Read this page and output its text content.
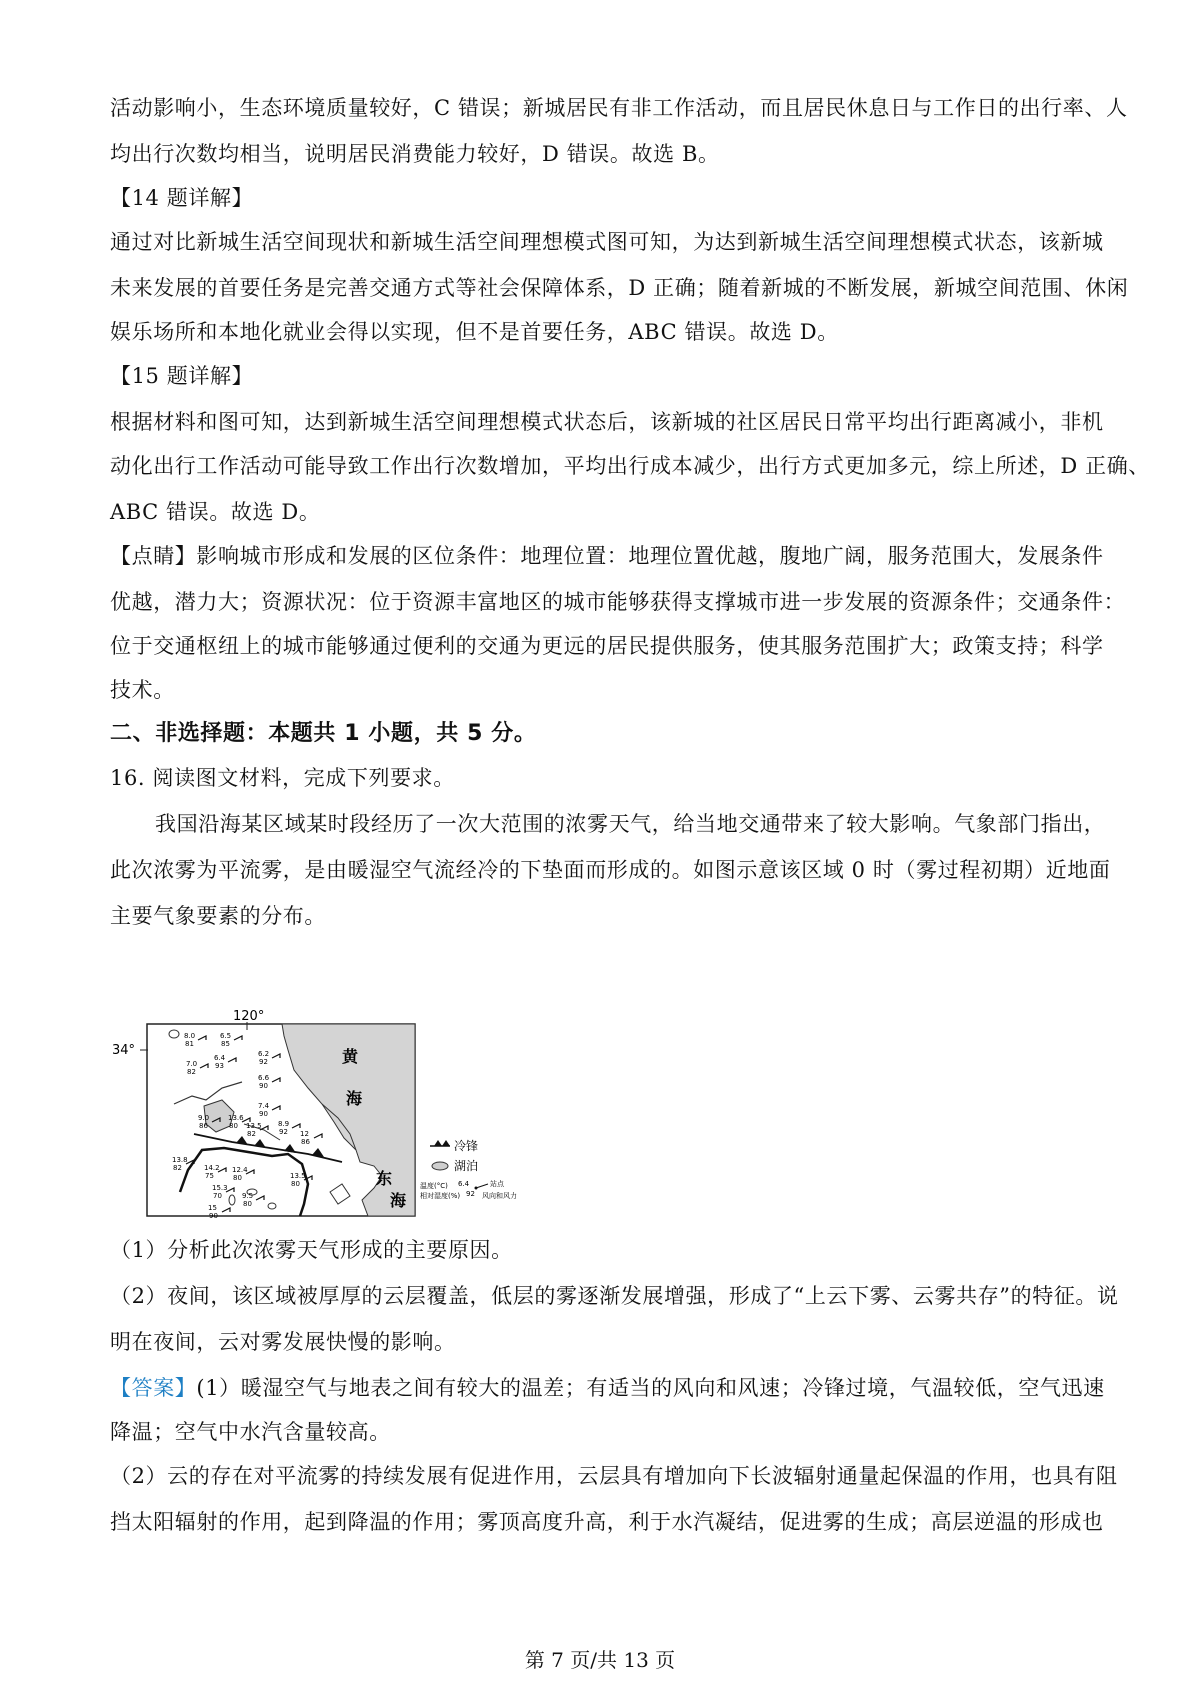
活动影响小，生态环境质量较好，C 错误；新城居民有非工作活动，而且居民休息日与工作日的出行率、人
均出行次数均相当，说明居民消费能力较好，D 错误。故选 B。
【14 题详解】
通过对比新城生活空间现状和新城生活空间理想模式图可知，为达到新城生活空间理想模式状态，该新城
未来发展的首要任务是完善交通方式等社会保障体系，D 正确；随着新城的不断发展，新城空间范围、休闲
娱乐场所和本地化就业会得以实现，但不是首要任务，ABC 错误。故选 D。
【15 题详解】
根据材料和图可知，达到新城生活空间理想模式状态后，该新城的社区居民日常平均出行距离减小，非机
动化出行工作活动可能导致工作出行次数增加，平均出行成本减少，出行方式更加多元，综上所述，D 正确、
ABC 错误。故选 D。
【点睛】影响城市形成和发展的区位条件：地理位置：地理位置优越，腹地广阔，服务范围大，发展条件
优越，潜力大；资源状况：位于资源丰富地区的城市能够获得支撑城市进一步发展的资源条件；交通条件：
位于交通枢纽上的城市能够通过便利的交通为更远的居民提供服务，使其服务范围扩大；政策支持；科学
技术。
二、非选择题：本题共 1 小题，共 5 分。
16. 阅读图文材料，完成下列要求。
我国沿海某区域某时段经历了一次大范围的浓雾天气，给当地交通带来了较大影响。气象部门指出，
此次浓雾为平流雾，是由暖湿空气流经冷的下垫面而形成的。如图示意该区域 0 时（雾过程初期）近地面
主要气象要素的分布。
120°
34°	黄
海
东
海
8.0
81
6.5
85
6.2
92
6.4
93
7.0
82
6.6
90
7.4
90
9.0
86
13.6
80 13.5
82
8.9
92 12
86
13.8
82	14.2
75
12.4
80
15.3
70
13.5
80
15
90
9.5
80
冷锋
湖泊
温度(°C)
相对湿度(%)
6.4
92
站点
风向和风力
（1）分析此次浓雾天气形成的主要原因。
（2）夜间，该区域被厚厚的云层覆盖，低层的雾逐渐发展增强，形成了“上云下雾、云雾共存”的特征。说
明在夜间，云对雾发展快慢的影响。
【答案】(1）暖湿空气与地表之间有较大的温差；有适当的风向和风速；冷锋过境，气温较低，空气迅速
降温；空气中水汽含量较高。
（2）云的存在对平流雾的持续发展有促进作用，云层具有增加向下长波辐射通量起保温的作用，也具有阻
挡太阳辐射的作用，起到降温的作用；雾顶高度升高，利于水汽凝结，促进雾的生成；高层逆温的形成也
第 7 页/共 13 页
